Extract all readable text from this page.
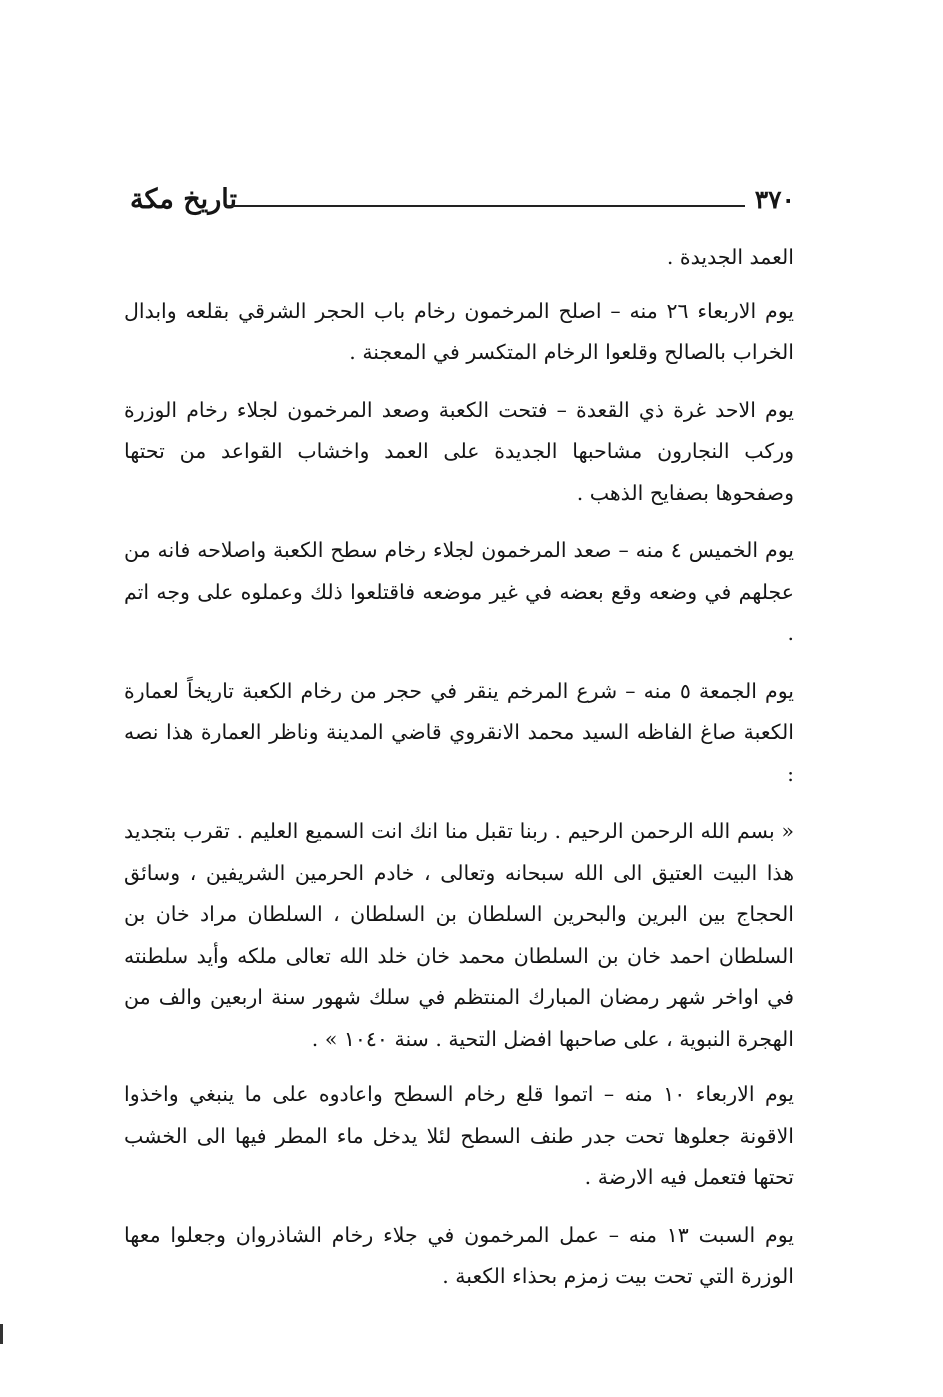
تاريخ مكة	٣٧٠

العمد الجديدة .

يوم الاربعاء ٢٦ منه – اصلح المرخمون رخام باب الحجر الشرقي بقلعه وابدال الخراب بالصالح وقلعوا الرخام المتكسر في المعجنة .

يوم الاحد غرة ذي القعدة – فتحت الكعبة وصعد المرخمون لجلاء رخام الوزرة وركب النجارون مشاحبها الجديدة على العمد واخشاب القواعد من تحتها وصفحوها بصفايح الذهب .

يوم الخميس ٤ منه – صعد المرخمون لجلاء رخام سطح الكعبة واصلاحه فانه من عجلهم في وضعه وقع بعضه في غير موضعه فاقتلعوا ذلك وعملوه على وجه اتم .

يوم الجمعة ٥ منه – شرع المرخم ينقر في حجر من رخام الكعبة تاريخاً لعمارة الكعبة صاغ الفاظه السيد محمد الانقروي قاضي المدينة وناظر العمارة هذا نصه :

« بسم الله الرحمن الرحيم . ربنا تقبل منا انك انت السميع العليم . تقرب بتجديد هذا البيت العتيق الى الله سبحانه وتعالى ، خادم الحرمين الشريفين ، وسائق الحجاج بين البرين والبحرين السلطان بن السلطان ، السلطان مراد خان بن السلطان احمد خان بن السلطان محمد خان خلد الله تعالى ملكه وأيد سلطنته في اواخر شهر رمضان المبارك المنتظم في سلك شهور سنة اربعين والف من الهجرة النبوية ، على صاحبها افضل التحية . سنة ١٠٤٠ » .

يوم الاربعاء ١٠ منه – اتموا قلع رخام السطح واعادوه على ما ينبغي واخذوا الاقونة جعلوها تحت جدر طنف السطح لئلا يدخل ماء المطر فيها الى الخشب تحتها فتعمل فيه الارضة .

يوم السبت ١٣ منه – عمل المرخمون في جلاء رخام الشاذروان وجعلوا معها الوزرة التي تحت بيت زمزم بحذاء الكعبة .
